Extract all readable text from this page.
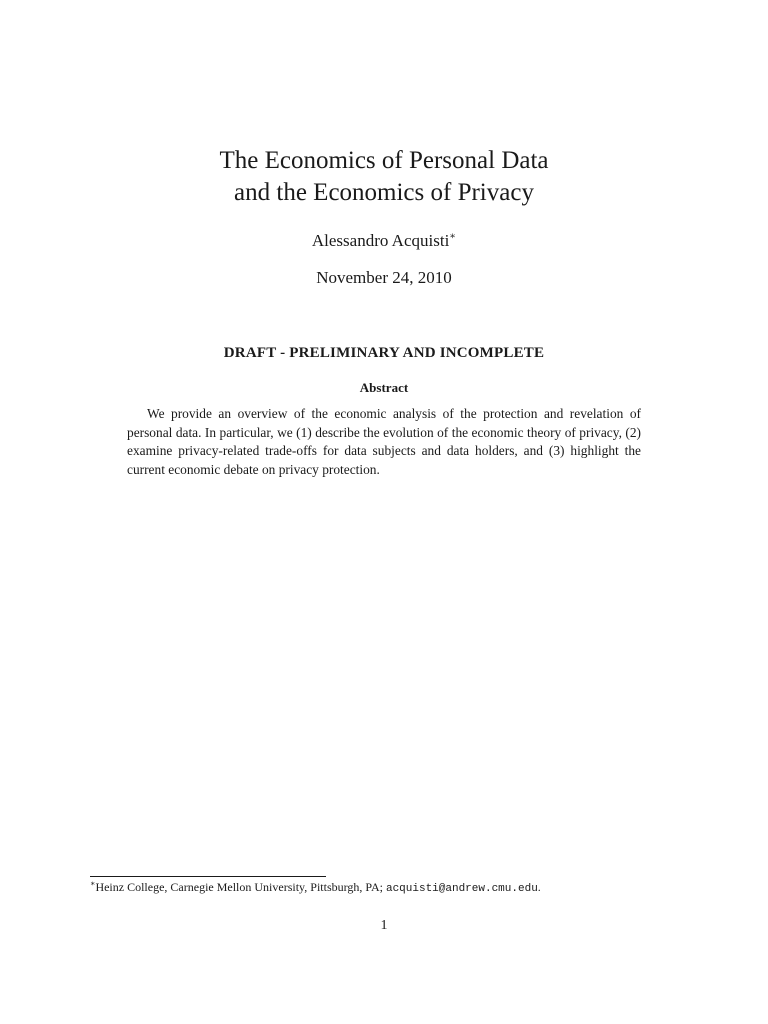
The Economics of Personal Data
and the Economics of Privacy
Alessandro Acquisti∗
November 24, 2010
DRAFT - PRELIMINARY AND INCOMPLETE
Abstract
We provide an overview of the economic analysis of the protection and revelation of personal data. In particular, we (1) describe the evolution of the economic theory of privacy, (2) examine privacy-related trade-offs for data subjects and data holders, and (3) highlight the current economic debate on privacy protection.
∗Heinz College, Carnegie Mellon University, Pittsburgh, PA; acquisti@andrew.cmu.edu.
1
